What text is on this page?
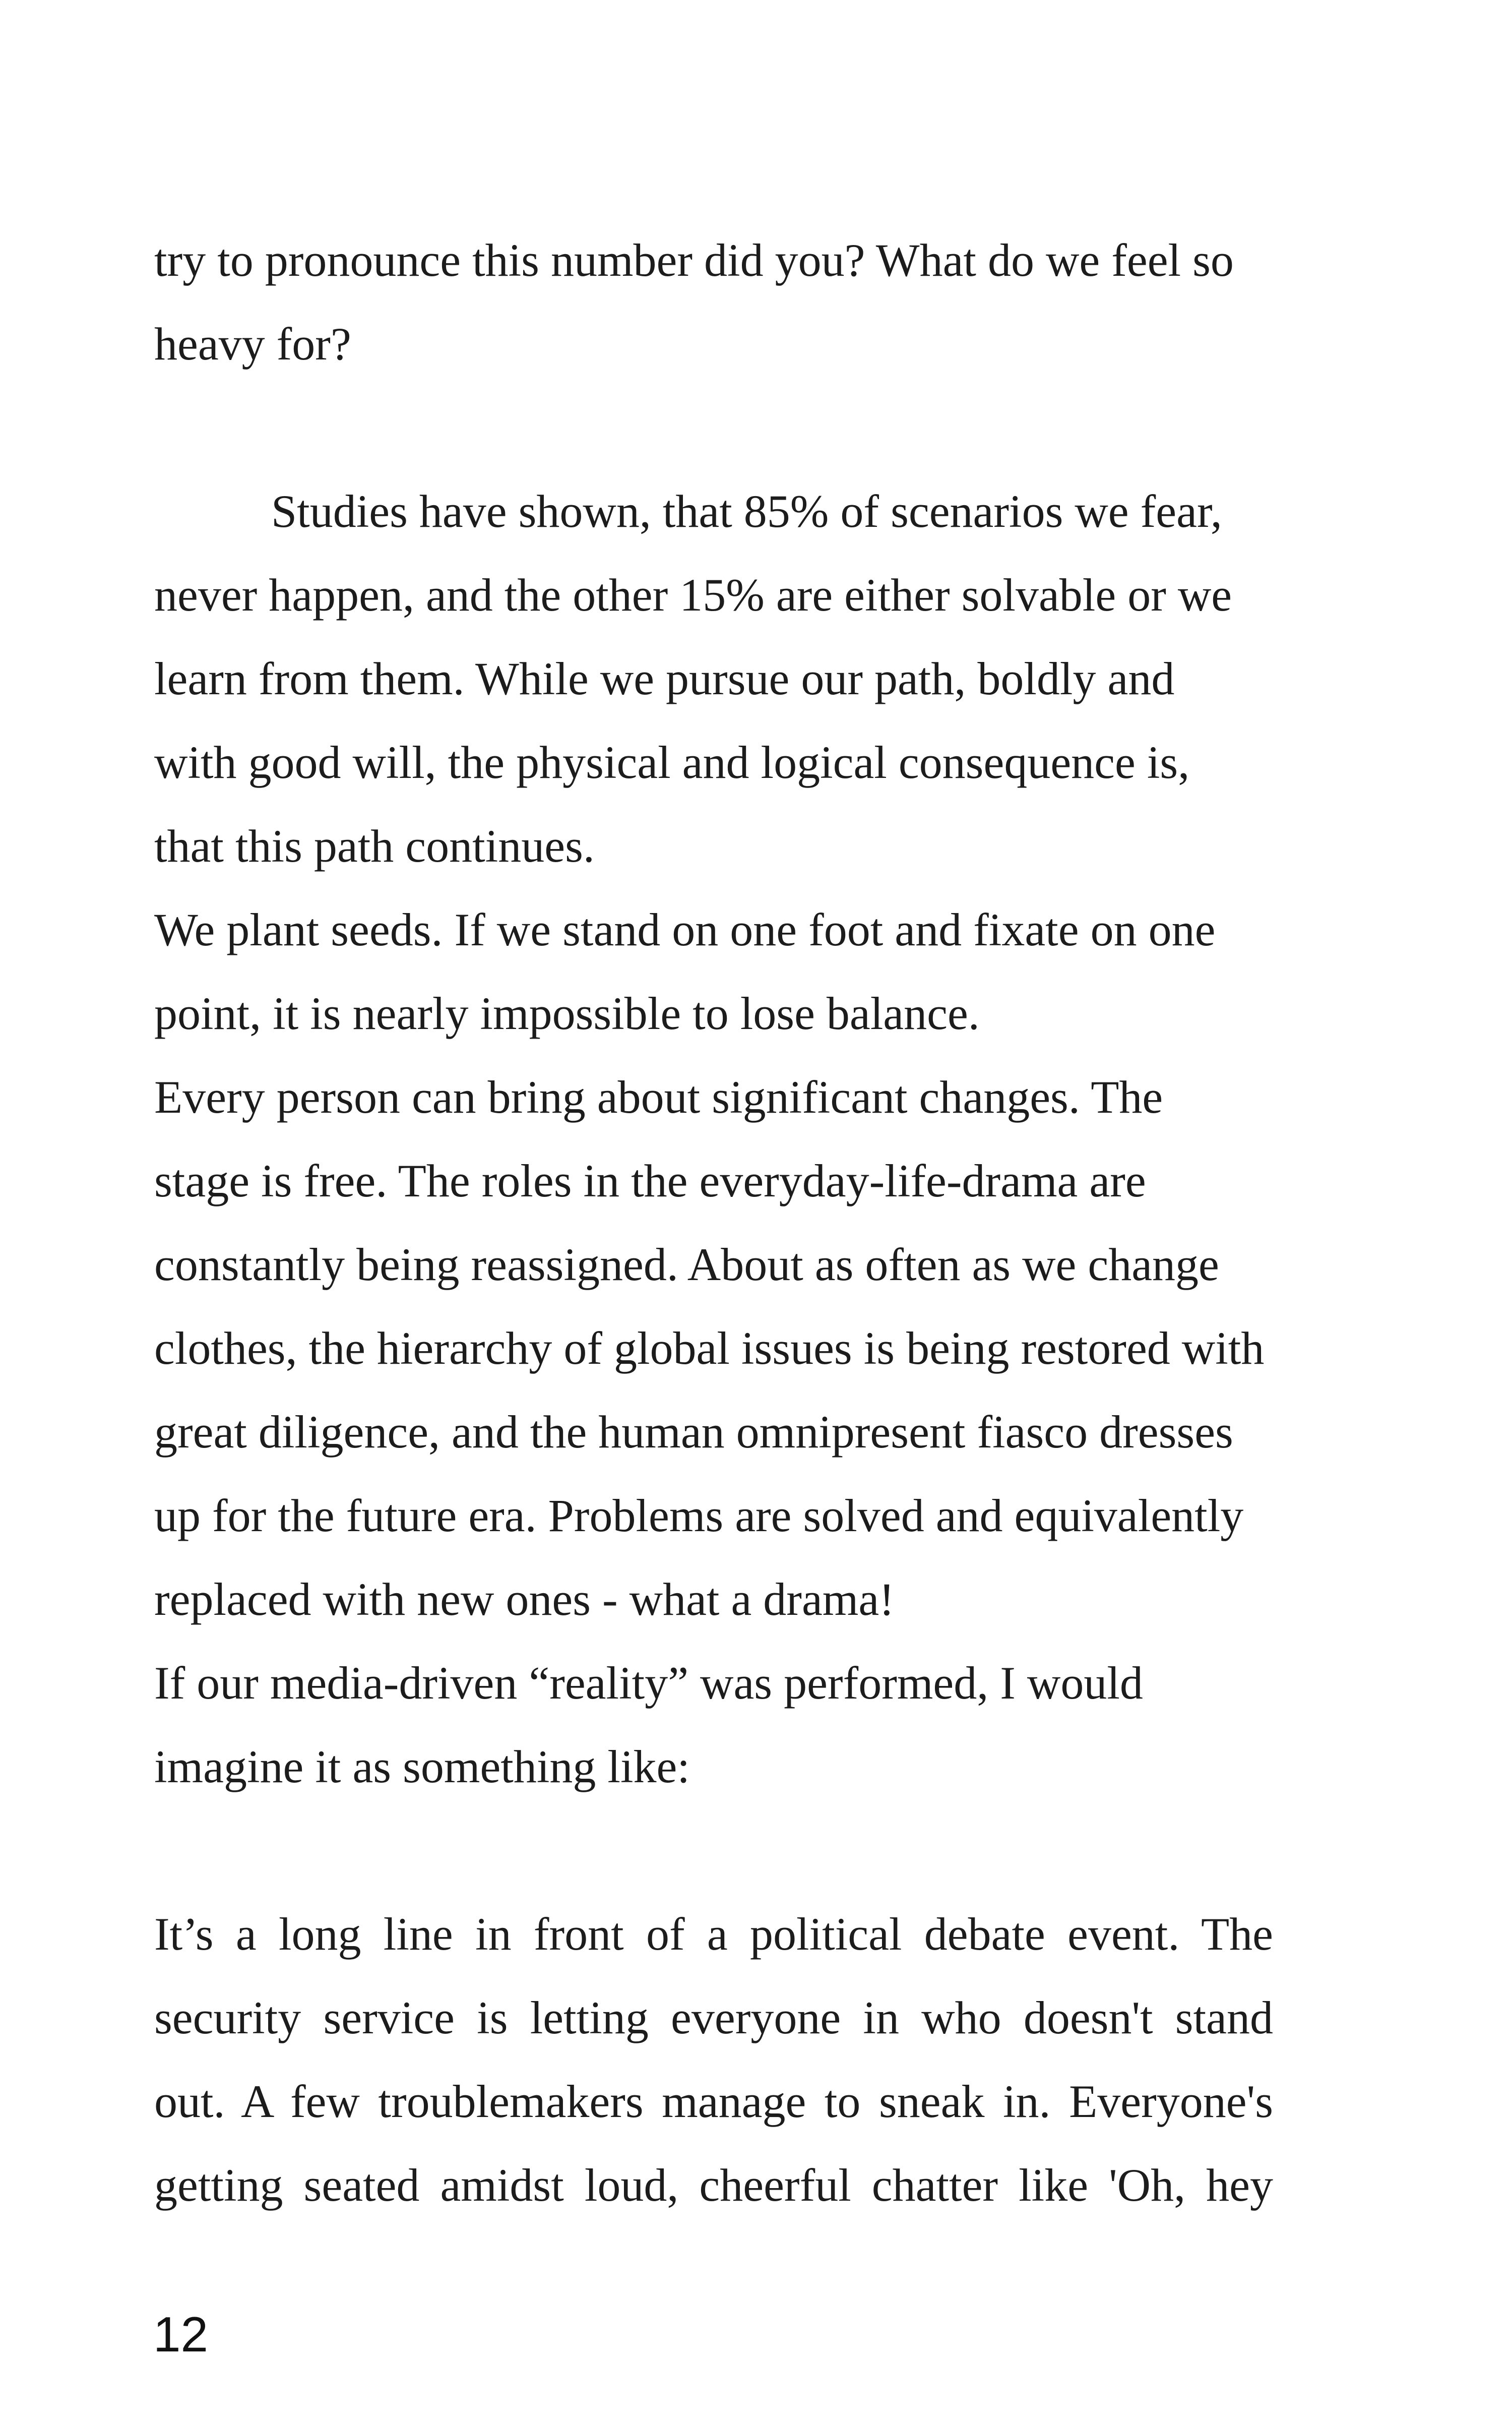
try to pronounce this number did you? What do we feel so
heavy for?
Studies have shown, that 85% of scenarios we fear,
never happen, and the other 15% are either solvable or we
learn from them. While we pursue our path, boldly and
with good will, the physical and logical consequence is,
that this path continues.
We plant seeds. If we stand on one foot and fixate on one
point, it is nearly impossible to lose balance.
Every person can bring about significant changes. The
stage is free. The roles in the everyday-life-drama are
constantly being reassigned. About as often as we change
clothes, the hierarchy of global issues is being restored with
great diligence, and the human omnipresent fiasco dresses
up for the future era. Problems are solved and equivalently
replaced with new ones - what a drama!
If our media-driven “reality” was performed, I would
imagine it as something like:
It’s a long line in front of a political debate event. The
security service is letting everyone in who doesn't stand
out. A few troublemakers manage to sneak in. Everyone's
getting seated amidst loud, cheerful chatter like 'Oh, hey
12
